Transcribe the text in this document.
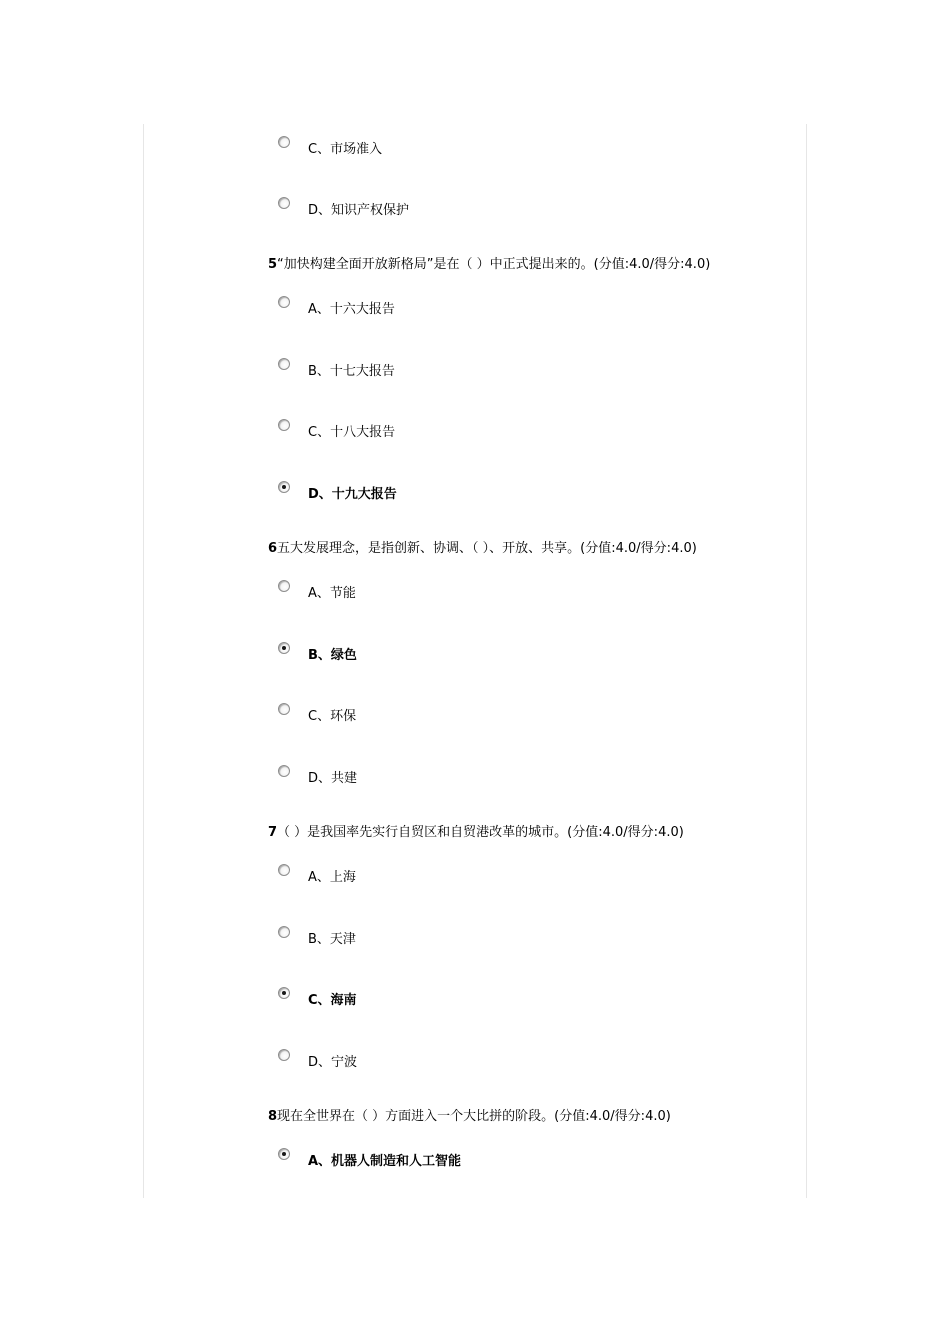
C、市场准入
D、知识产权保护
5“加快构建全面开放新格局”是在（ ）中正式提出来的。(分值:4.0/得分:4.0)
A、十六大报告
B、十七大报告
C、十八大报告
D、十九大报告
6五大发展理念，是指创新、协调、（ ）、开放、共享。(分值:4.0/得分:4.0)
A、节能
B、绿色
C、环保
D、共建
7（ ）是我国率先实行自贸区和自贸港改革的城市。(分值:4.0/得分:4.0)
A、上海
B、天津
C、海南
D、宁波
8现在全世界在（ ）方面进入一个大比拼的阶段。(分值:4.0/得分:4.0)
A、机器人制造和人工智能
